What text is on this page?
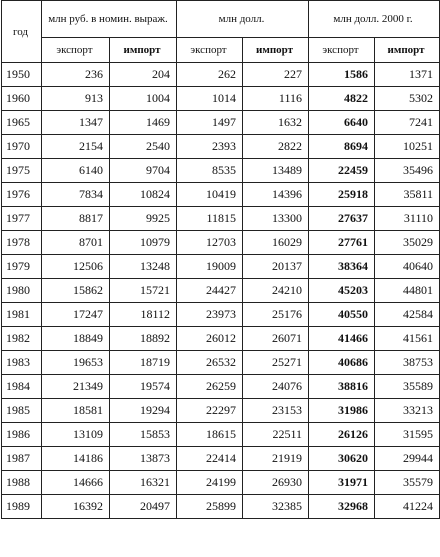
год	млн руб. в номин. выраж.		млн долл.		млн долл. 2000 г.	
	экспорт	импорт	экспорт	импорт	экспорт	импорт
1950	236	204	262	227	1586	1371
1960	913	1004	1014	1116	4822	5302
1965	1347	1469	1497	1632	6640	7241
1970	2154	2540	2393	2822	8694	10251
1975	6140	9704	8535	13489	22459	35496
1976	7834	10824	10419	14396	25918	35811
1977	8817	9925	11815	13300	27637	31110
1978	8701	10979	12703	16029	27761	35029
1979	12506	13248	19009	20137	38364	40640
1980	15862	15721	24427	24210	45203	44801
1981	17247	18112	23973	25176	40550	42584
1982	18849	18892	26012	26071	41466	41561
1983	19653	18719	26532	25271	40686	38753
1984	21349	19574	26259	24076	38816	35589
1985	18581	19294	22297	23153	31986	33213
1986	13109	15853	18615	22511	26126	31595
1987	14186	13873	22414	21919	30620	29944
1988	14666	16321	24199	26930	31971	35579
1989	16392	20497	25899	32385	32968	41224
